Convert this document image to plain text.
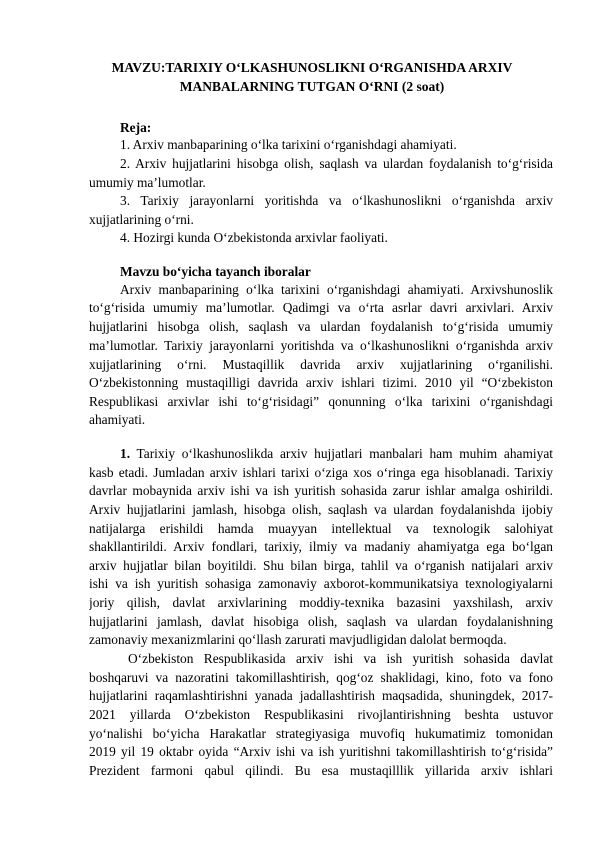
MAVZU:TARIXIY O‘LKASHUNOSLIKNI O‘RGANISHDA ARXIV
MANBALARNING TUTGAN O‘RNI (2 soat)
Reja:
1. Arxiv manbaparining o‘lka tarixini o‘rganishdagi ahamiyati.
2. Arxiv hujjatlarini hisobga olish, saqlash va ulardan foydalanish to‘g‘risida
umumiy ma’lumotlar.
3. Tarixiy jarayonlarni yoritishda va o‘lkashunoslikni o‘rganishda arxiv
xujjatlarining o‘rni.
4. Hozirgi kunda O‘zbekistonda arxivlar faoliyati.
Mavzu bo‘yicha tayanch iboralar
Arxiv manbaparining o‘lka tarixini o‘rganishdagi ahamiyati. Arxivshunoslik
to‘g‘risida umumiy ma’lumotlar. Qadimgi va o‘rta asrlar davri arxivlari. Arxiv
hujjatlarini hisobga olish, saqlash va ulardan foydalanish to‘g‘risida umumiy
ma’lumotlar. Tarixiy jarayonlarni yoritishda va o‘lkashunoslikni o‘rganishda arxiv
xujjatlarining o‘rni. Mustaqillik davrida arxiv xujjatlarining o‘rganilishi.
O‘zbekistonning mustaqilligi davrida arxiv ishlari tizimi. 2010 yil “O‘zbekiston
Respublikasi arxivlar ishi to‘g‘risidagi” qonunning o‘lka tarixini o‘rganishdagi
ahamiyati.
1. Tarixiy o‘lkashunoslikda arxiv hujjatlari manbalari ham muhim ahamiyat
kasb etadi. Jumladan arxiv ishlari tarixi o‘ziga xos o‘ringa ega hisoblanadi. Tarixiy
davrlar mobaynida arxiv ishi va ish yuritish sohasida zarur ishlar amalga oshirildi.
Arxiv hujjatlarini jamlash, hisobga olish, saqlash va ulardan foydalanishda ijobiy
natijalarga erishildi hamda muayyan intellektual va texnologik salohiyat
shakllantirildi. Arxiv fondlari, tarixiy, ilmiy va madaniy ahamiyatga ega bo‘lgan
arxiv hujjatlar bilan boyitildi. Shu bilan birga, tahlil va o‘rganish natijalari arxiv
ishi va ish yuritish sohasiga zamonaviy axborot-kommunikatsiya texnologiyalarni
joriy qilish, davlat arxivlarining moddiy-texnika bazasini yaxshilash, arxiv
hujjatlarini jamlash, davlat hisobiga olish, saqlash va ulardan foydalanishning
zamonaviy mexanizmlarini qo‘llash zarurati mavjudligidan dalolat bermoqda.
O‘zbekiston Respublikasida arxiv ishi va ish yuritish sohasida davlat
boshqaruvi va nazoratini takomillashtirish, qog‘oz shaklidagi, kino, foto va fono
hujjatlarini raqamlashtirishni yanada jadallashtirish maqsadida, shuningdek, 2017-
2021 yillarda O‘zbekiston Respublikasini rivojlantirishning beshta ustuvor
yo‘nalishi bo‘yicha Harakatlar strategiyasiga muvofiq hukumatimiz tomonidan
2019 yil 19 oktabr oyida “Arxiv ishi va ish yuritishni takomillashtirish to‘g‘risida”
Prezident farmoni qabul qilindi. Bu esa mustaqilllik yillarida arxiv ishlari
